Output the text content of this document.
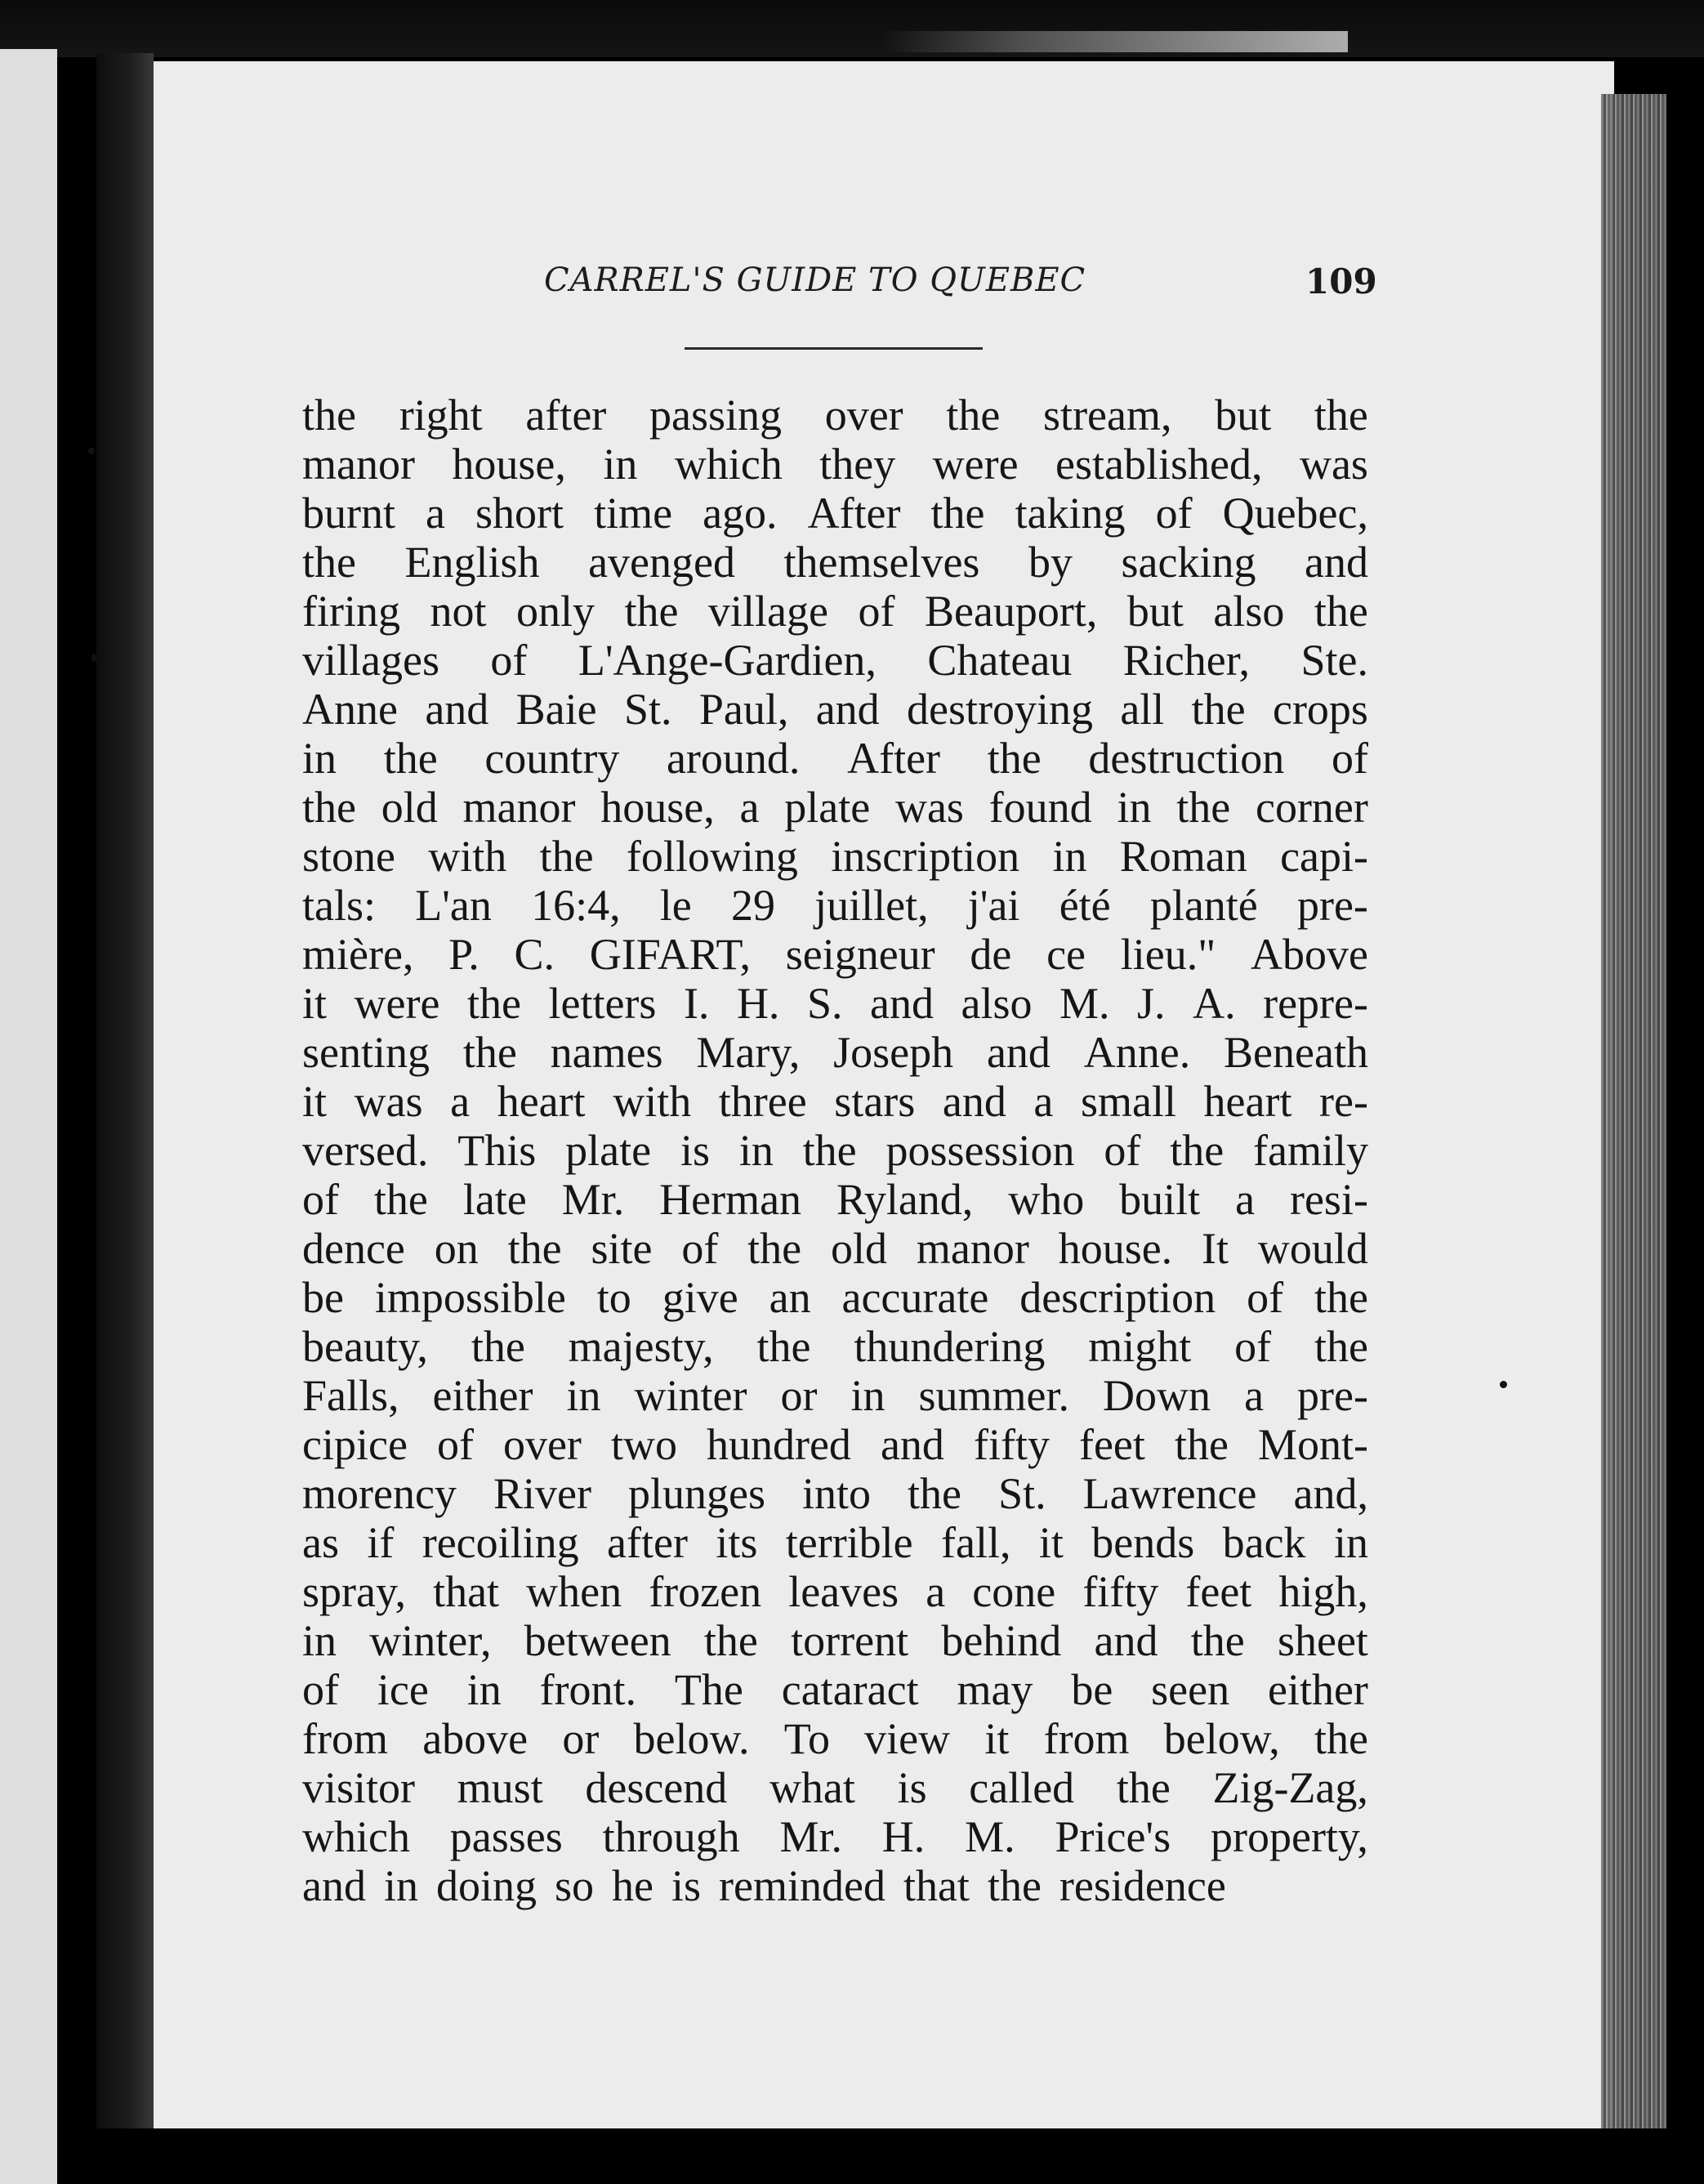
CARREL'S GUIDE TO QUEBEC	109
the right after passing over the stream, but the
manor house, in which they were established, was
burnt a short time ago. After the taking of Quebec,
the English avenged themselves by sacking and
firing not only the village of Beauport, but also the
villages of L'Ange-Gardien, Chateau Richer, Ste.
Anne and Baie St. Paul, and destroying all the crops
in the country around. After the destruction of
the old manor house, a plate was found in the corner
stone with the following inscription in Roman capi-
tals: L'an 16:4, le 29 juillet, j'ai été planté pre-
mière, P. C. GIFART, seigneur de ce lieu." Above
it were the letters I. H. S. and also M. J. A. repre-
senting the names Mary, Joseph and Anne. Beneath
it was a heart with three stars and a small heart re-
versed. This plate is in the possession of the family
of the late Mr. Herman Ryland, who built a resi-
dence on the site of the old manor house. It would
be impossible to give an accurate description of the
beauty, the majesty, the thundering might of the
Falls, either in winter or in summer. Down a pre-
cipice of over two hundred and fifty feet the Mont-
morency River plunges into the St. Lawrence and,
as if recoiling after its terrible fall, it bends back in
spray, that when frozen leaves a cone fifty feet high,
in winter, between the torrent behind and the sheet
of ice in front. The cataract may be seen either
from above or below. To view it from below, the
visitor must descend what is called the Zig-Zag,
which passes through Mr. H. M. Price's property,
and in doing so he is reminded that the residence
